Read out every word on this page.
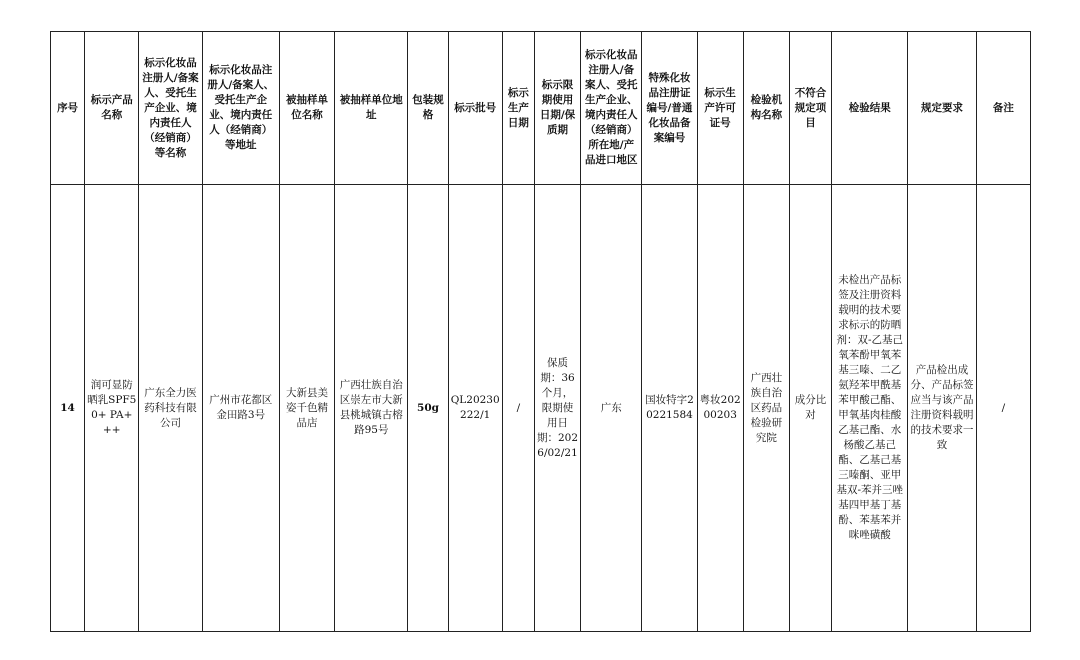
序号	标示产品名称	标示化妆品注册人/备案人、受托生产企业、境内责任人（经销商）等名称	标示化妆品注册人/备案人、受托生产企业、境内责任人（经销商）等地址	被抽样单位名称	被抽样单位地址	包装规格	标示批号	标示生产日期	标示限期使用日期/保质期	标示化妆品注册人/备案人、受托生产企业、境内责任人（经销商）所在地/产品进口地区	特殊化妆品注册证编号/普通化妆品备案编号	标示生产许可证号	检验机构名称	不符合规定项目	检验结果	规定要求	备注

14	润可显防晒乳SPF50+ PA+++	广东全力医药科技有限公司	广州市花都区金田路3号	大新县美姿千色精品店	广西壮族自治区崇左市大新县桃城镇古榕路95号	50g	QL20230222/1	/	保质期：36个月，限期使用日期：2026/02/21	广东	国妆特字20221584	粤妆20200203	广西壮族自治区药品检验研究院	成分比对	未检出产品标签及注册资料载明的技术要求标示的防晒剂：双-乙基己氧苯酚甲氧苯基三嗪、二乙氨羟苯甲酰基苯甲酸己酯、甲氧基肉桂酸乙基己酯、水杨酸乙基己酯、乙基己基三嗪酮、亚甲基双-苯并三唑基四甲基丁基酚、苯基苯并咪唑磺酸	产品检出成分、产品标签应当与该产品注册资料载明的技术要求一致	/
